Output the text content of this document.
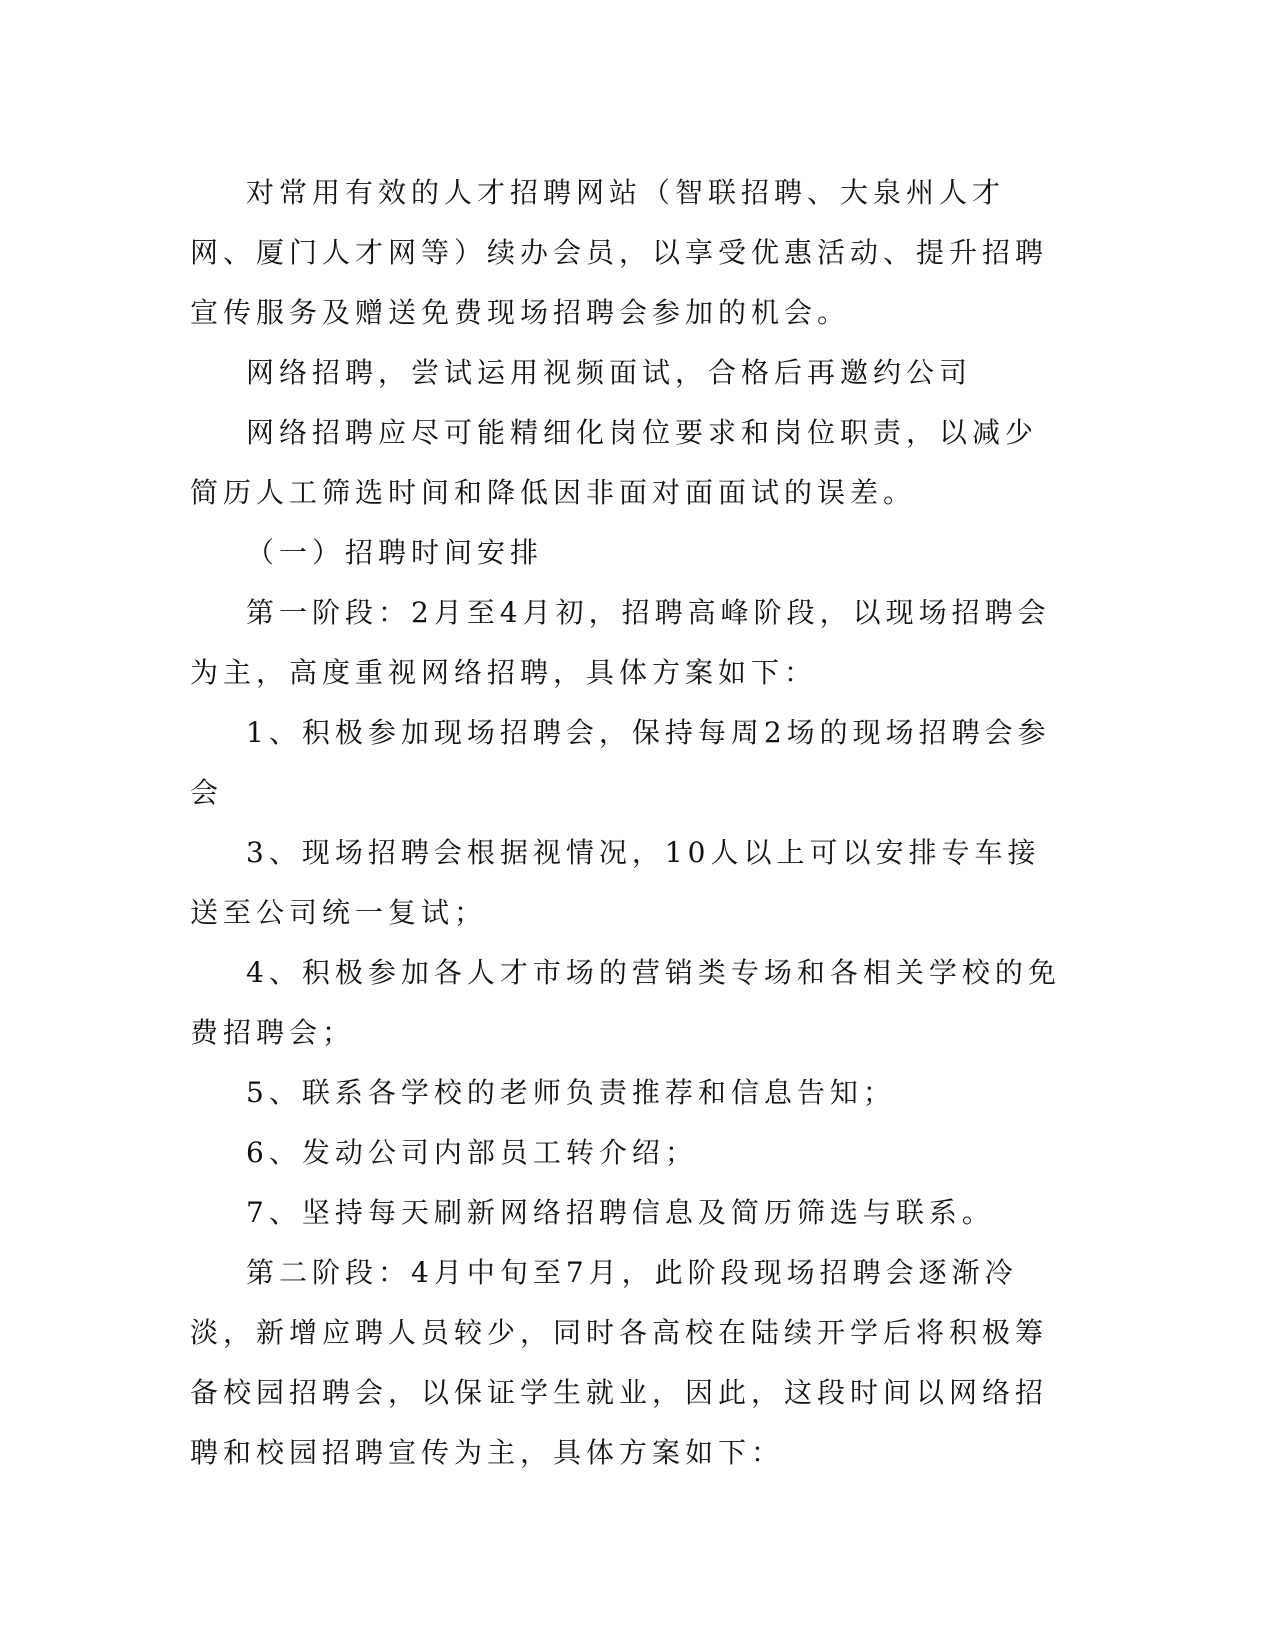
对常用有效的人才招聘网站（智联招聘、大泉州人才网、厦门人才网等）续办会员，以享受优惠活动、提升招聘宣传服务及赠送免费现场招聘会参加的机会。

网络招聘，尝试运用视频面试，合格后再邀约公司

网络招聘应尽可能精细化岗位要求和岗位职责，以减少简历人工筛选时间和降低因非面对面面试的误差。

（一）招聘时间安排

第一阶段：2月至4月初，招聘高峰阶段，以现场招聘会为主，高度重视网络招聘，具体方案如下：

1、积极参加现场招聘会，保持每周2场的现场招聘会参会

3、现场招聘会根据视情况，10人以上可以安排专车接送至公司统一复试；

4、积极参加各人才市场的营销类专场和各相关学校的免费招聘会；

5、联系各学校的老师负责推荐和信息告知；

6、发动公司内部员工转介绍；

7、坚持每天刷新网络招聘信息及简历筛选与联系。

第二阶段：4月中旬至7月，此阶段现场招聘会逐渐冷淡，新增应聘人员较少，同时各高校在陆续开学后将积极筹备校园招聘会，以保证学生就业，因此，这段时间以网络招聘和校园招聘宣传为主，具体方案如下：
